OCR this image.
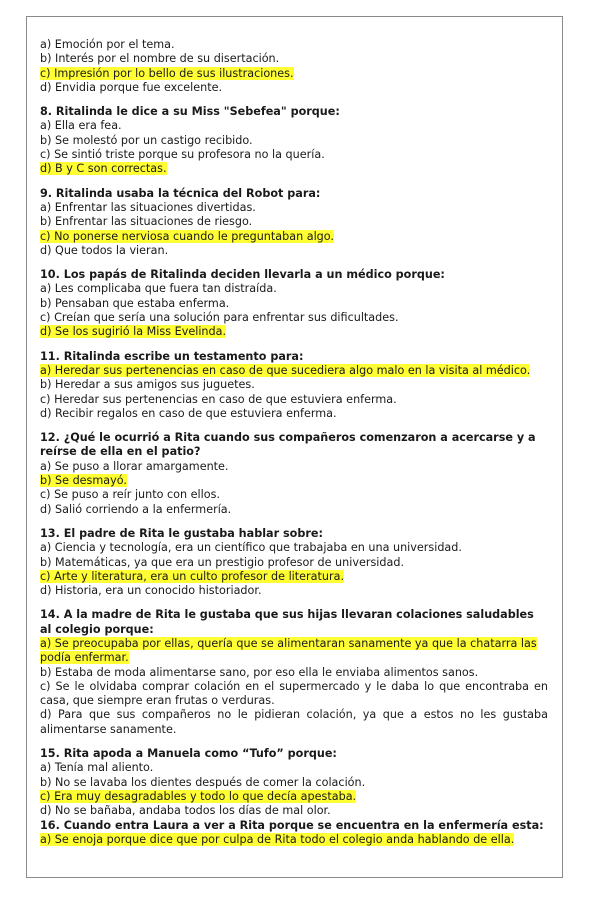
a) Emoción por el tema.

b) Interés por el nombre de su disertación.

c) Impresión por lo bello de sus ilustraciones.

d) Envidia porque fue excelente.

8. Ritalinda le dice a su Miss "Sebefea" porque:

a) Ella era fea.

b) Se molestó por un castigo recibido.

c) Se sintió triste porque su profesora no la quería.

d) B y C son correctas.

9. Ritalinda usaba la técnica del Robot para:

a) Enfrentar las situaciones divertidas.

b) Enfrentar las situaciones de riesgo.

c) No ponerse nerviosa cuando le preguntaban algo.

d) Que todos la vieran.

10. Los papás de Ritalinda deciden llevarla a un médico porque:

a) Les complicaba que fuera tan distraída.

b) Pensaban que estaba enferma.

c) Creían que sería una solución para enfrentar sus dificultades.

d) Se los sugirió la Miss Evelinda.

11. Ritalinda escribe un testamento para:

a) Heredar sus pertenencias en caso de que sucediera algo malo en la visita al médico.

b) Heredar a sus amigos sus juguetes.

c) Heredar sus pertenencias en caso de que estuviera enferma.

d) Recibir regalos en caso de que estuviera enferma.

12. ¿Qué le ocurrió a Rita cuando sus compañeros comenzaron a acercarse y a reírse de ella en el patio?

a) Se puso a llorar amargamente.

b) Se desmayó.

c) Se puso a reír junto con ellos.

d) Salió corriendo a la enfermería.

13. El padre de Rita le gustaba hablar sobre:

a) Ciencia y tecnología, era un científico que trabajaba en una universidad.

b) Matemáticas, ya que era un prestigio profesor de universidad.

c) Arte y literatura, era un culto profesor de literatura.

d) Historia, era un conocido historiador.

14. A la madre de Rita le gustaba que sus hijas llevaran colaciones saludables al colegio porque:

a) Se preocupaba por ellas, quería que se alimentaran sanamente ya que la chatarra las podía enfermar.

b) Estaba de moda alimentarse sano, por eso ella le enviaba alimentos sanos.

c) Se le olvidaba comprar colación en el supermercado y le daba lo que encontraba en casa, que siempre eran frutas o verduras.

d) Para que sus compañeros no le pidieran colación, ya que a estos no les gustaba alimentarse sanamente.

15. Rita apoda a Manuela como “Tufo” porque:

a) Tenía mal aliento.

b) No se lavaba los dientes después de comer la colación.

c) Era muy desagradables y todo lo que decía apestaba.

d) No se bañaba, andaba todos los días de mal olor.

16. Cuando entra Laura a ver a Rita porque se encuentra en la enfermería esta:

a) Se enoja porque dice que por culpa de Rita todo el colegio anda hablando de ella.
